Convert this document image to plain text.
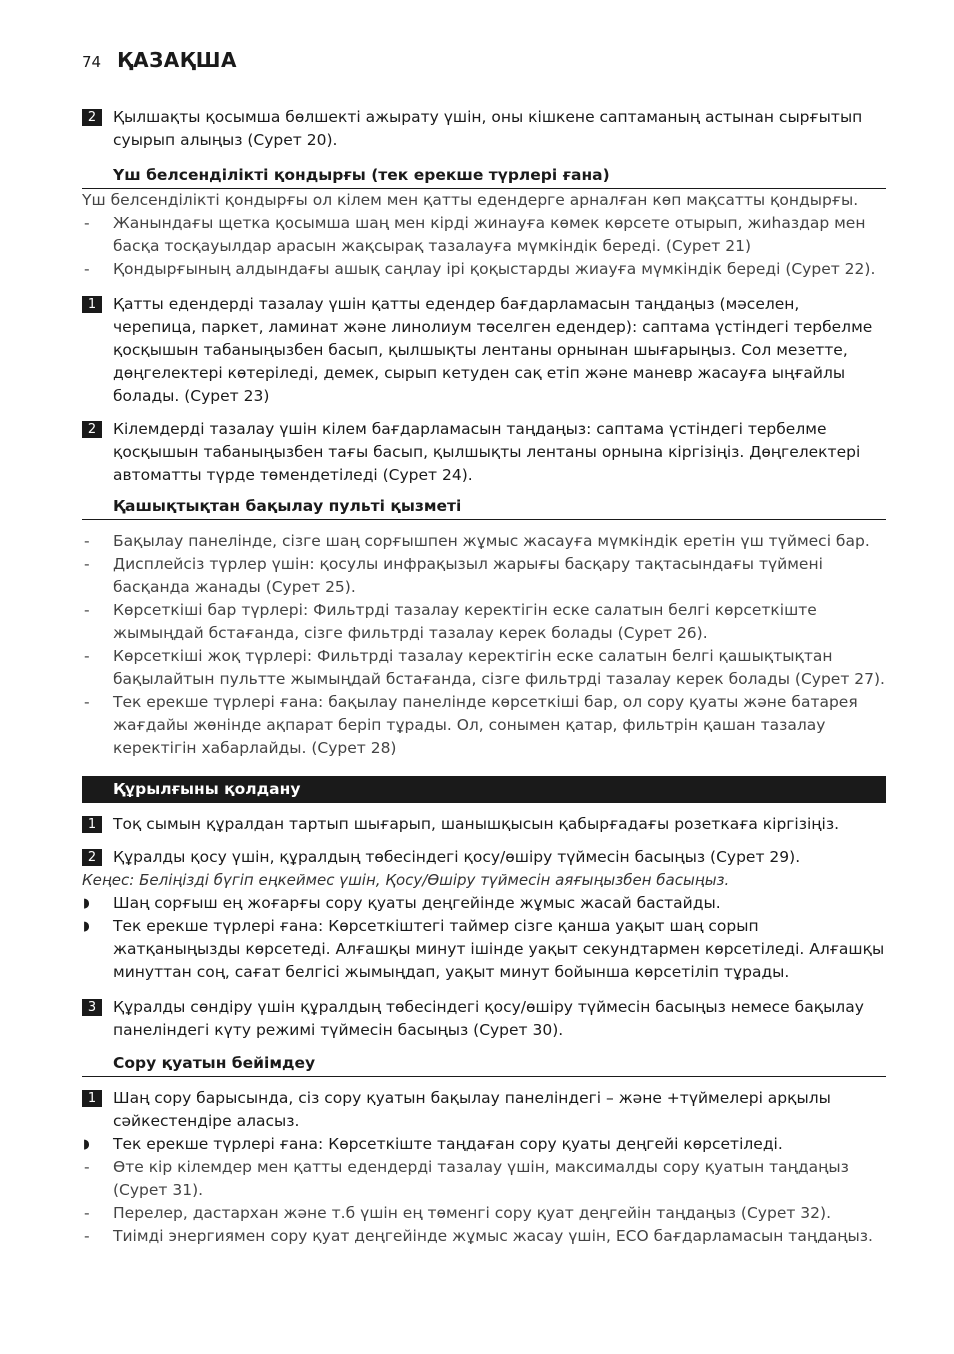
74 ҚАЗАҚША
2	Қылшақты қосымша бөлшекті ажырату үшін, оны кішкене саптаманың астынан сырғытып суырып алыңыз (Сурет 20).

Үш белсенділікті қондырғы (тек ерекше түрлері ғана)

Үш белсенділікті қондырғы ол кілем мен қатты едендерге арналған көп мақсатты қондырғы.

- Жанындағы щетка қосымша шаң мен кірді жинауға көмек көрсете отырып, жиһаздар мен басқа тосқауылдар арасын жақсырақ тазалауға мүмкіндік береді. (Сурет 21)

- Қондырғының алдындағы ашық саңлау ірі қоқыстарды жиауға мүмкіндік береді (Сурет 22).

1	Қатты едендерді тазалау үшін қатты едендер бағдарламасын таңдаңыз (мәселен, черепица, паркет, ламинат және линолиум төселген едендер): саптама үстіндегі тербелме қосқышын табаныңызбен басып, қылшықты лентаны орнынан шығарыңыз. Сол мезетте, дөңгелектері көтеріледі, демек, сырып кетуден сақ етіп және маневр жасауға ыңғайлы болады. (Сурет 23)

2	Кілемдерді тазалау үшін кілем бағдарламасын таңдаңыз: саптама үстіндегі тербелме қосқышын табаныңызбен тағы басып, қылшықты лентаны орнына кіргізіңіз. Дөңгелектері автоматты түрде төмендетіледі (Сурет 24).

Қашықтықтан бақылау пульті қызметі

- Бақылау панелінде, сізге шаң сорғышпен жұмыс жасауға мүмкіндік еретін үш түймесі бар.

- Дисплейсіз түрлер үшін: қосулы инфрақызыл жарығы басқару тақтасындағы түймені басқанда жанады (Сурет 25).

- Көрсеткіші бар түрлері: Фильтрді тазалау керектігін еске салатын белгі көрсеткіште жымыңдай бстағанда, сізге фильтрді тазалау керек болады (Сурет 26).

- Көрсеткіші жоқ түрлері: Фильтрді тазалау керектігін еске салатын белгі қашықтықтан бақылайтын пультте жымыңдай бстағанда, сізге фильтрді тазалау керек болады (Сурет 27).

- Тек ерекше түрлері ғана: бақылау панелінде көрсеткіші бар, ол сору қуаты және батарея жағдайы жөнінде ақпарат беріп тұрады. Ол, сонымен қатар, фильтрін қашан тазалау керектігін хабарлайды. (Сурет 28)

Құрылғыны қолдану
1	Тоқ сымын құралдан тартып шығарып, шанышқысын қабырғадағы розеткаға кіргізіңіз.

2	Құралды қосу үшін, құралдың төбесіндегі қосу/өшіру түймесін басыңыз (Сурет 29).

Кеңес: Беліңізді бүгіп еңкеймес үшін, Қосу/Өшіру түймесін аяғыңызбен басыңыз.

◗ Шаң сорғыш ең жоғарғы сору қуаты деңгейінде жұмыс жасай бастайды.

◗ Тек ерекше түрлері ғана: Көрсеткіштегі таймер сізге қанша уақыт шаң сорып жатқаныңызды көрсетеді. Алғашқы минут ішінде уақыт секундтармен көрсетіледі. Алғашқы минуттан соң, сағат белгісі жымыңдап, уақыт минут бойынша көрсетіліп тұрады.

3	Құралды сөндіру үшін құралдың төбесіндегі қосу/өшіру түймесін басыңыз немесе бақылау панеліндегі күту режимі түймесін басыңыз (Сурет 30).

Сору қуатын бейімдеу
1	Шаң сору барысында, сіз сору қуатын бақылау панеліндегі – және +түймелері арқылы сәйкестендіре аласыз.

◗ Тек ерекше түрлері ғана: Көрсеткіште таңдаған сору қуаты деңгейі көрсетіледі.

- Өте кір кілемдер мен қатты едендерді тазалау үшін, максималды сору қуатын таңдаңыз (Сурет 31).

- Перелер, дастархан және т.б үшін ең төменгі сору қуат деңгейін таңдаңыз (Сурет 32).

- Тиімді энергиямен сору қуат деңгейінде жұмыс жасау үшін, ECO бағдарламасын таңдаңыз.
